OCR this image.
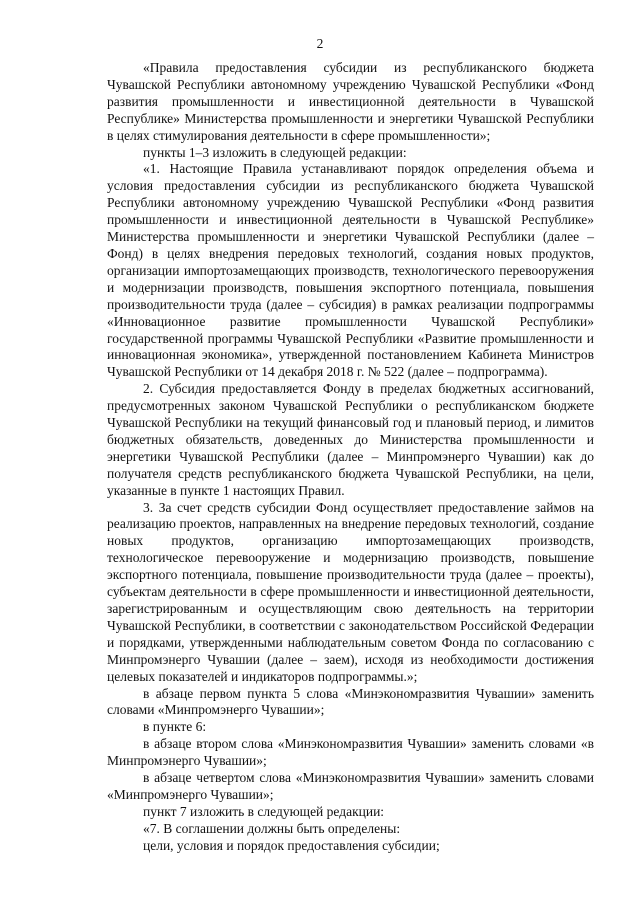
2

«Правила предоставления субсидии из республиканского бюджета Чувашской Республики автономному учреждению Чувашской Республики «Фонд развития промышленности и инвестиционной деятельности в Чувашской Республике» Министерства промышленности и энергетики Чувашской Республики в целях стимулирования деятельности в сфере промышленности»;

пункты 1–3 изложить в следующей редакции:

«1. Настоящие Правила устанавливают порядок определения объема и условия предоставления субсидии из республиканского бюджета Чувашской Республики автономному учреждению Чувашской Республики «Фонд развития промышленности и инвестиционной деятельности в Чувашской Республике» Министерства промышленности и энергетики Чувашской Республики (далее – Фонд) в целях внедрения передовых технологий, создания новых продуктов, организации импортозамещающих производств, технологического перевооружения и модернизации производств, повышения экспортного потенциала, повышения производительности труда (далее – субсидия) в рамках реализации подпрограммы «Инновационное развитие промышленности Чувашской Республики» государственной программы Чувашской Республики «Развитие промышленности и инновационная экономика», утвержденной постановлением Кабинета Министров Чувашской Республики от 14 декабря 2018 г. № 522 (далее – подпрограмма).

2. Субсидия предоставляется Фонду в пределах бюджетных ассигнований, предусмотренных законом Чувашской Республики о республиканском бюджете Чувашской Республики на текущий финансовый год и плановый период, и лимитов бюджетных обязательств, доведенных до Министерства промышленности и энергетики Чувашской Республики (далее – Минпромэнерго Чувашии) как до получателя средств республиканского бюджета Чувашской Республики, на цели, указанные в пункте 1 настоящих Правил.

3. За счет средств субсидии Фонд осуществляет предоставление займов на реализацию проектов, направленных на внедрение передовых технологий, создание новых продуктов, организацию импортозамещающих производств, технологическое перевооружение и модернизацию производств, повышение экспортного потенциала, повышение производительности труда (далее – проекты), субъектам деятельности в сфере промышленности и инвестиционной деятельности, зарегистрированным и осуществляющим свою деятельность на территории Чувашской Республики, в соответствии с законодательством Российской Федерации и порядками, утвержденными наблюдательным советом Фонда по согласованию с Минпромэнерго Чувашии (далее – заем), исходя из необходимости достижения целевых показателей и индикаторов подпрограммы.»;

в абзаце первом пункта 5 слова «Минэкономразвития Чувашии» заменить словами «Минпромэнерго Чувашии»;

в пункте 6:

в абзаце втором слова «Минэкономразвития Чувашии» заменить словами «в Минпромэнерго Чувашии»;

в абзаце четвертом слова «Минэкономразвития Чувашии» заменить словами «Минпромэнерго Чувашии»;

пункт 7 изложить в следующей редакции:

«7. В соглашении должны быть определены:

цели, условия и порядок предоставления субсидии;
